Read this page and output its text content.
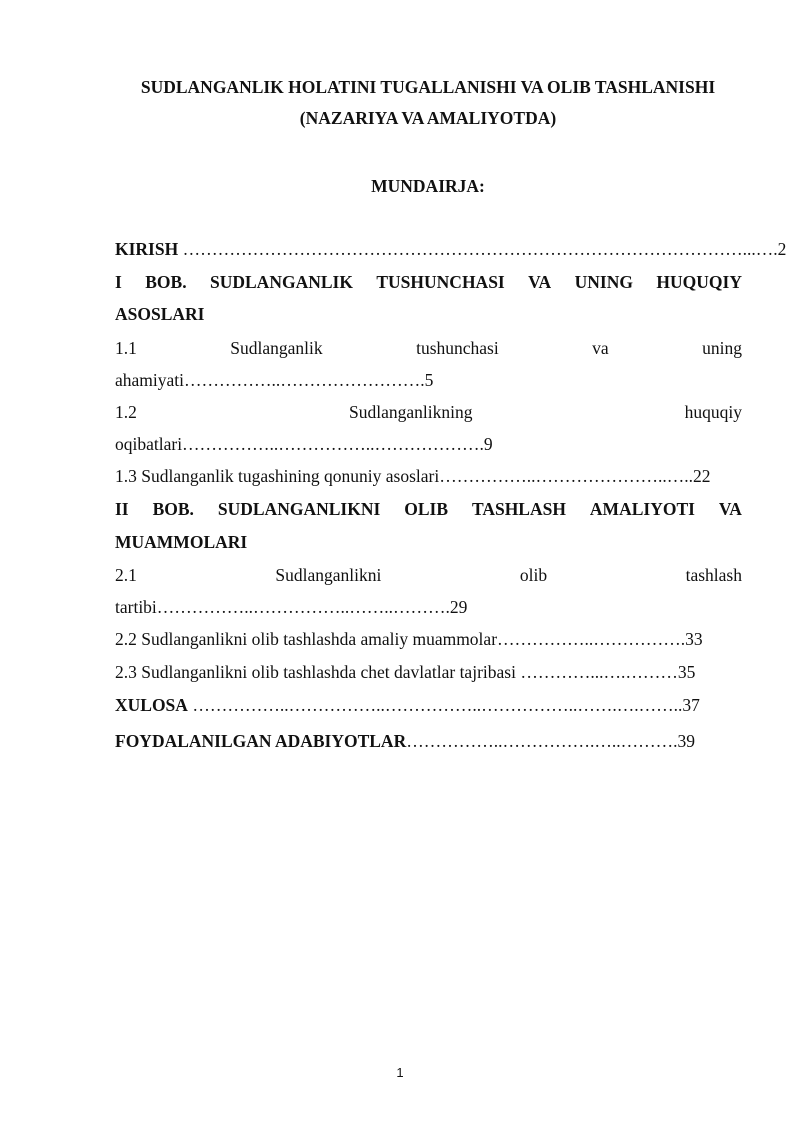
SUDLANGANLIK HOLATINI TUGALLANISHI VA OLIB TASHLANISHI
(NAZARIYA VA AMALIYOTDA)
MUNDAIRJA:
KIRISH ……………………………………………………………………………………...….2
I BOB. SUDLANGANLIK TUSHUNCHASI VA UNING HUQUQIY
ASOSLARI
1.1	Sudlanganlik	tushunchasi	va	uning
ahamiyati……………..…………………….5
1.2	Sudlanganlikning	huquqiy
oqibatlari……………..……………..……………….9
1.3 Sudlanganlik tugashining qonuniy asoslari……………..…………………..…..22
II BOB. SUDLANGANLIKNI OLIB TASHLASH AMALIYOTI VA
MUAMMOLARI
2.1	Sudlanganlikni	olib	tashlash
tartibi……………..……………..……..……….29
2.2 Sudlanganlikni olib tashlashda amaliy muammolar……………..…………….33
2.3 Sudlanganlikni olib tashlashda chet davlatlar tajribasi …………...….………35
XULOSA ……………..……………..……………..……………..…….….……..37
FOYDALANILGAN ADABIYOTLAR……………..…………….…..……….39
1
